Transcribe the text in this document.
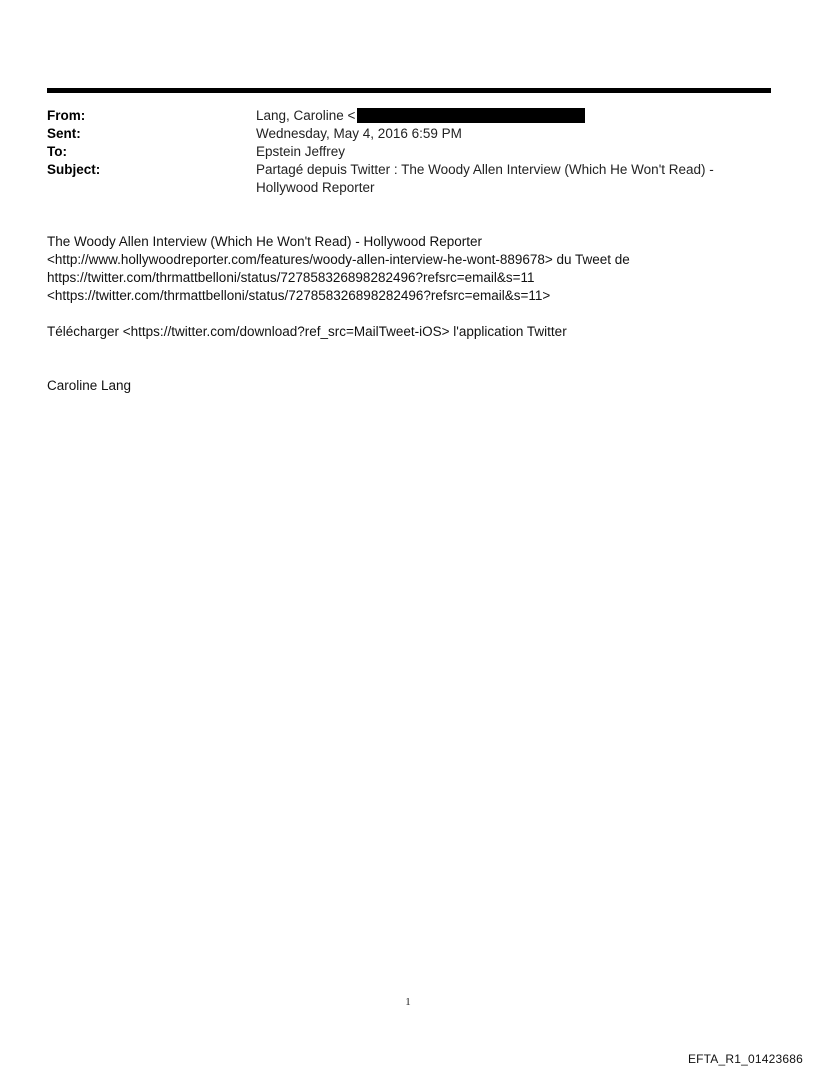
From:	Lang, Caroline <
Sent:	Wednesday, May 4, 2016 6:59 PM
To:	Epstein Jeffrey
Subject:	Partagé depuis Twitter : The Woody Allen Interview (Which He Won't Read) -
Hollywood Reporter

The Woody Allen Interview (Which He Won't Read) - Hollywood Reporter

<http://www.hollywoodreporter.com/features/woody-allen-interview-he-wont-889678> du Tweet de

https://twitter.com/thrmattbelloni/status/727858326898282496?refsrc=email&s=11

<https://twitter.com/thrmattbelloni/status/727858326898282496?refsrc=email&s=11>

Télécharger <https://twitter.com/download?ref_src=MailTweet-iOS> l'application Twitter

Caroline Lang

1
EFTA_R1_01423686
